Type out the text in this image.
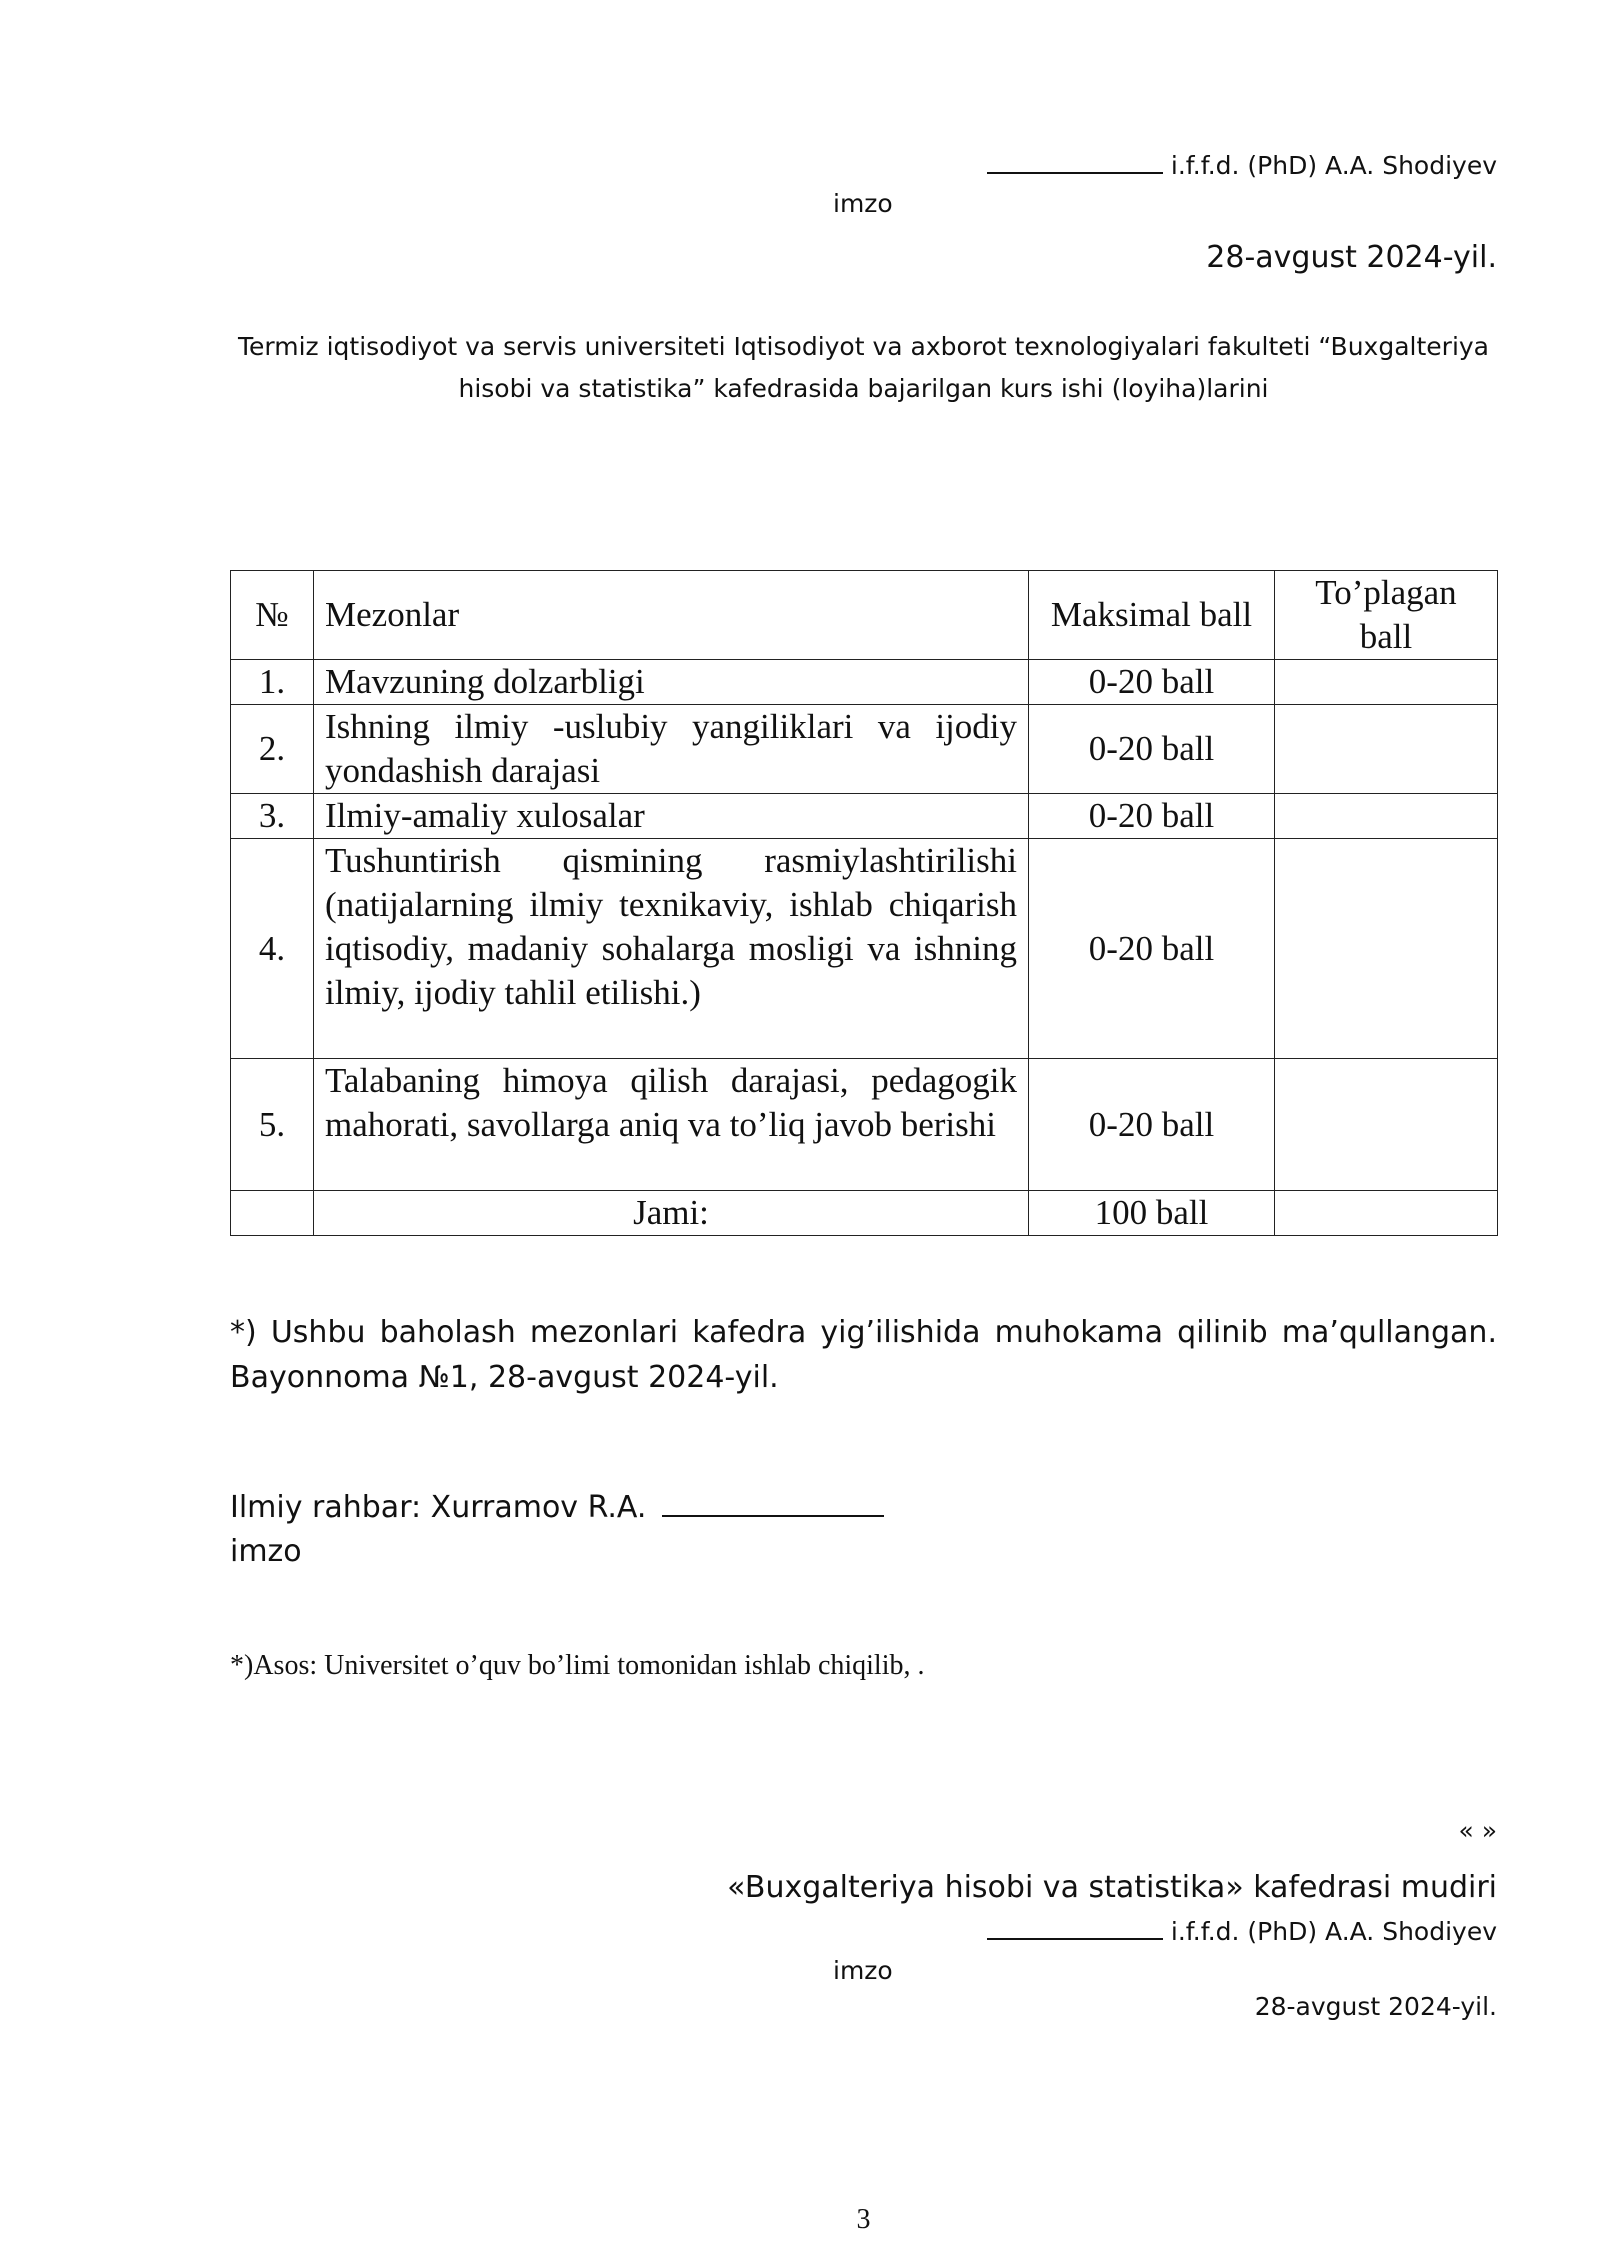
i.f.f.d. (PhD) A.A. Shodiyev
imzo
28-avgust 2024-yil.
Termiz iqtisodiyot va servis universiteti Iqtisodiyot va axborot texnologiyalari fakulteti “Buxgalteriya
hisobi va statistika” kafedrasida bajarilgan kurs ishi (loyiha)larini
№	Mezonlar	Maksimal ball	To’plagan ball
1.	Mavzuning dolzarbligi	0-20 ball	
2.	Ishning ilmiy -uslubiy yangiliklari va ijodiy yondashish darajasi	0-20 ball	
3.	Ilmiy-amaliy xulosalar	0-20 ball	
4.	Tushuntirish qismining rasmiylashtirilishi (natijalarning ilmiy texnikaviy, ishlab chiqarish iqtisodiy, madaniy sohalarga mosligi va ishning ilmiy, ijodiy tahlil etilishi.)	0-20 ball	
5.	Talabaning himoya qilish darajasi, pedagogik mahorati, savollarga aniq va to’liq javob berishi	0-20 ball	
	Jami:	100 ball	
*) Ushbu baholash mezonlari kafedra yig’ilishida muhokama qilinib ma’qullangan. Bayonnoma №1, 28-avgust 2024-yil.
Ilmiy rahbar: Xurramov R.A.
imzo
*)Asos: Universitet o’quv bo’limi tomonidan ishlab chiqilib, .
« »
«Buxgalteriya hisobi va statistika» kafedrasi mudiri
i.f.f.d. (PhD) A.A. Shodiyev
imzo
28-avgust 2024-yil.
3
